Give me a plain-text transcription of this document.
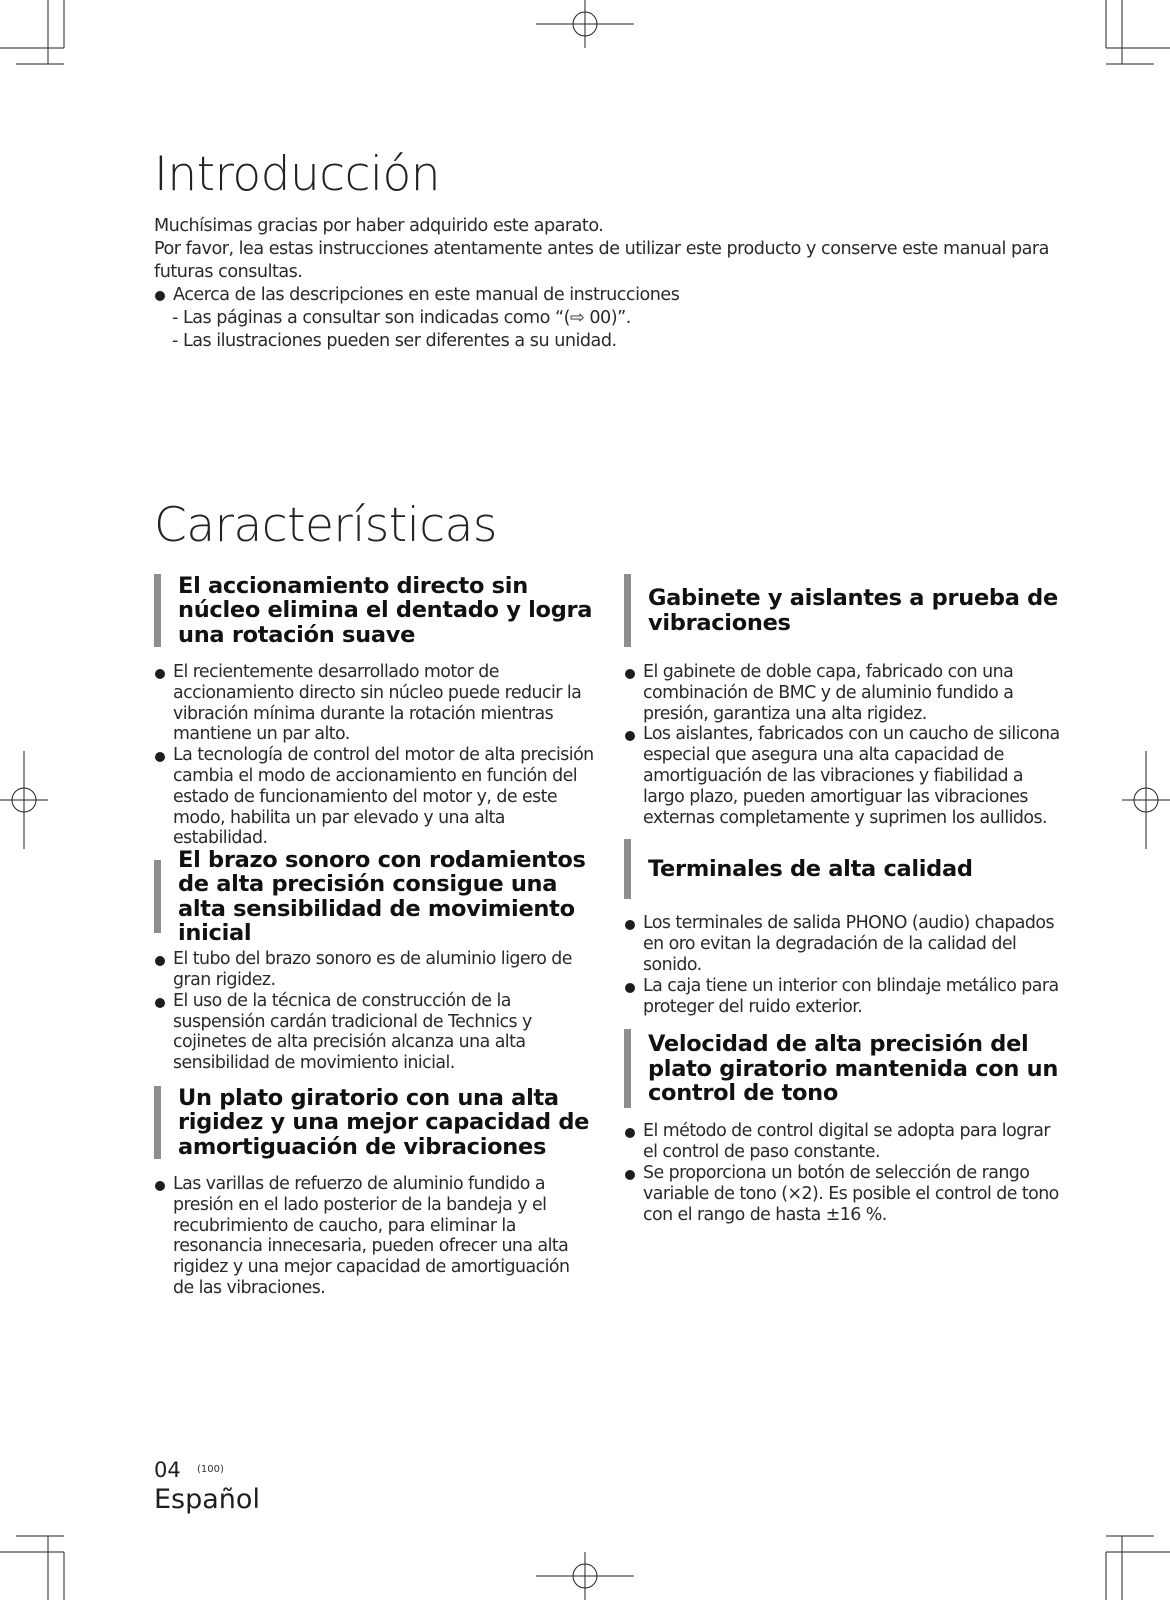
Introducción

Muchísimas gracias por haber adquirido este aparato.

Por favor, lea estas instrucciones atentamente antes de utilizar este producto y conserve este manual para futuras consultas.

Acerca de las descripciones en este manual de instrucciones
- Las páginas a consultar son indicadas como “(⇨ 00)”.
- Las ilustraciones pueden ser diferentes a su unidad.
Características
El accionamiento directo sin núcleo elimina el dentado y logra una rotación suave
El recientemente desarrollado motor de accionamiento directo sin núcleo puede reducir la vibración mínima durante la rotación mientras mantiene un par alto.
La tecnología de control del motor de alta precisión cambia el modo de accionamiento en función del estado de funcionamiento del motor y, de este modo, habilita un par elevado y una alta estabilidad.
El brazo sonoro con rodamientos de alta precisión consigue una alta sensibilidad de movimiento inicial
El tubo del brazo sonoro es de aluminio ligero de gran rigidez.
El uso de la técnica de construcción de la suspensión cardán tradicional de Technics y cojinetes de alta precisión alcanza una alta sensibilidad de movimiento inicial.
Un plato giratorio con una alta rigidez y una mejor capacidad de amortiguación de vibraciones
Las varillas de refuerzo de aluminio fundido a presión en el lado posterior de la bandeja y el recubrimiento de caucho, para eliminar la resonancia innecesaria, pueden ofrecer una alta rigidez y una mejor capacidad de amortiguación de las vibraciones.
Gabinete y aislantes a prueba de vibraciones
El gabinete de doble capa, fabricado con una combinación de BMC y de aluminio fundido a presión, garantiza una alta rigidez.
Los aislantes, fabricados con un caucho de silicona especial que asegura una alta capacidad de amortiguación de las vibraciones y fiabilidad a largo plazo, pueden amortiguar las vibraciones externas completamente y suprimen los aullidos.
Terminales de alta calidad
Los terminales de salida PHONO (audio) chapados en oro evitan la degradación de la calidad del sonido.
La caja tiene un interior con blindaje metálico para proteger del ruido exterior.
Velocidad de alta precisión del plato giratorio mantenida con un control de tono
El método de control digital se adopta para lograr el control de paso constante.
Se proporciona un botón de selección de rango variable de tono (×2). Es posible el control de tono con el rango de hasta ±16 %.
04 (100)
Español
